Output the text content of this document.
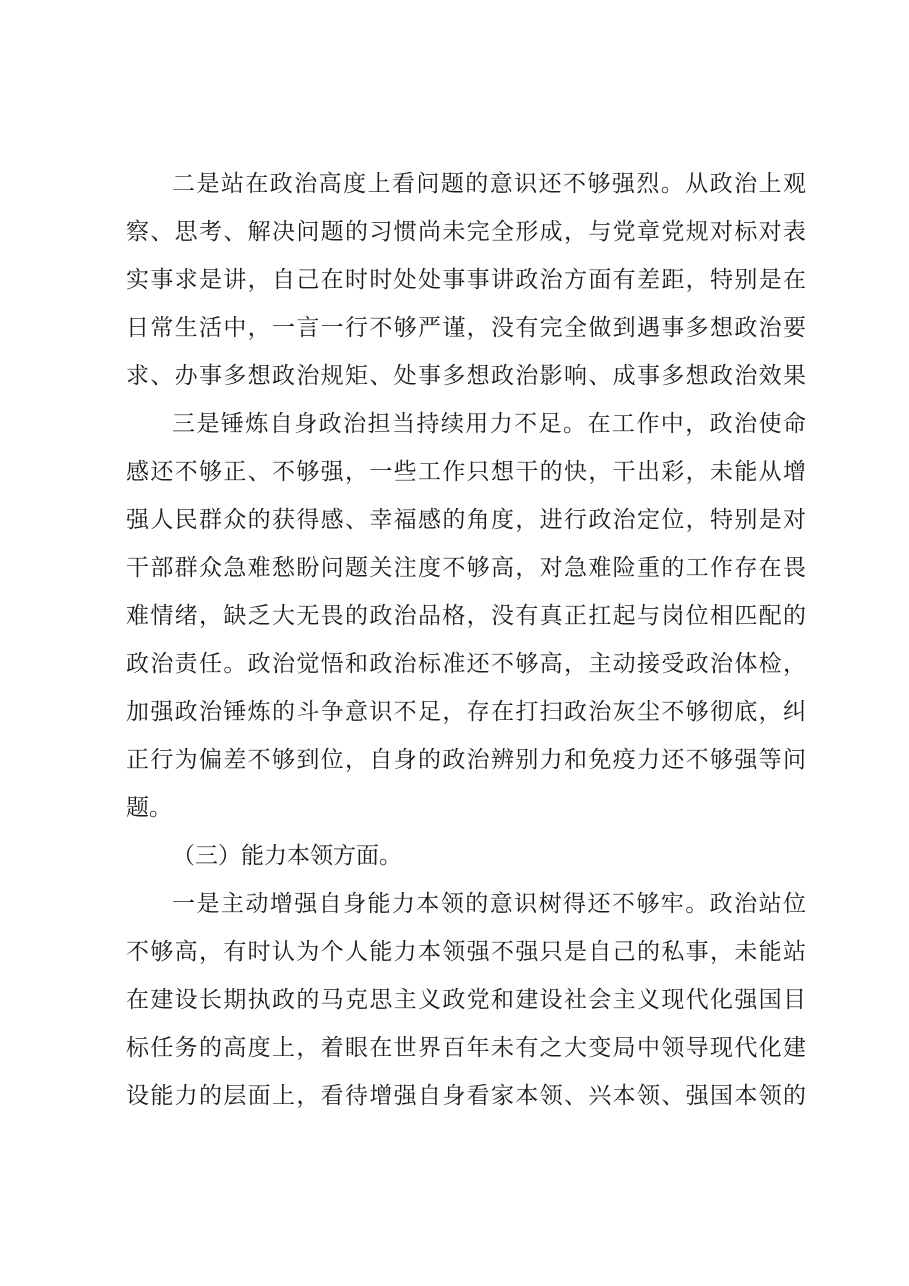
二是站在政治高度上看问题的意识还不够强烈。从政治上观
察、思考、解决问题的习惯尚未完全形成，与党章党规对标对表
实事求是讲，自己在时时处处事事讲政治方面有差距，特别是在
日常生活中，一言一行不够严谨，没有完全做到遇事多想政治要
求、办事多想政治规矩、处事多想政治影响、成事多想政治效果
三是锤炼自身政治担当持续用力不足。在工作中，政治使命
感还不够正、不够强，一些工作只想干的快，干出彩，未能从增
强人民群众的获得感、幸福感的角度，进行政治定位，特别是对
干部群众急难愁盼问题关注度不够高，对急难险重的工作存在畏
难情绪，缺乏大无畏的政治品格，没有真正扛起与岗位相匹配的
政治责任。政治觉悟和政治标准还不够高，主动接受政治体检，
加强政治锤炼的斗争意识不足，存在打扫政治灰尘不够彻底，纠
正行为偏差不够到位，自身的政治辨别力和免疫力还不够强等问
题。
（三）能力本领方面。
一是主动增强自身能力本领的意识树得还不够牢。政治站位
不够高，有时认为个人能力本领强不强只是自己的私事，未能站
在建设长期执政的马克思主义政党和建设社会主义现代化强国目
标任务的高度上，着眼在世界百年未有之大变局中领导现代化建
设能力的层面上，看待增强自身看家本领、兴本领、强国本领的
